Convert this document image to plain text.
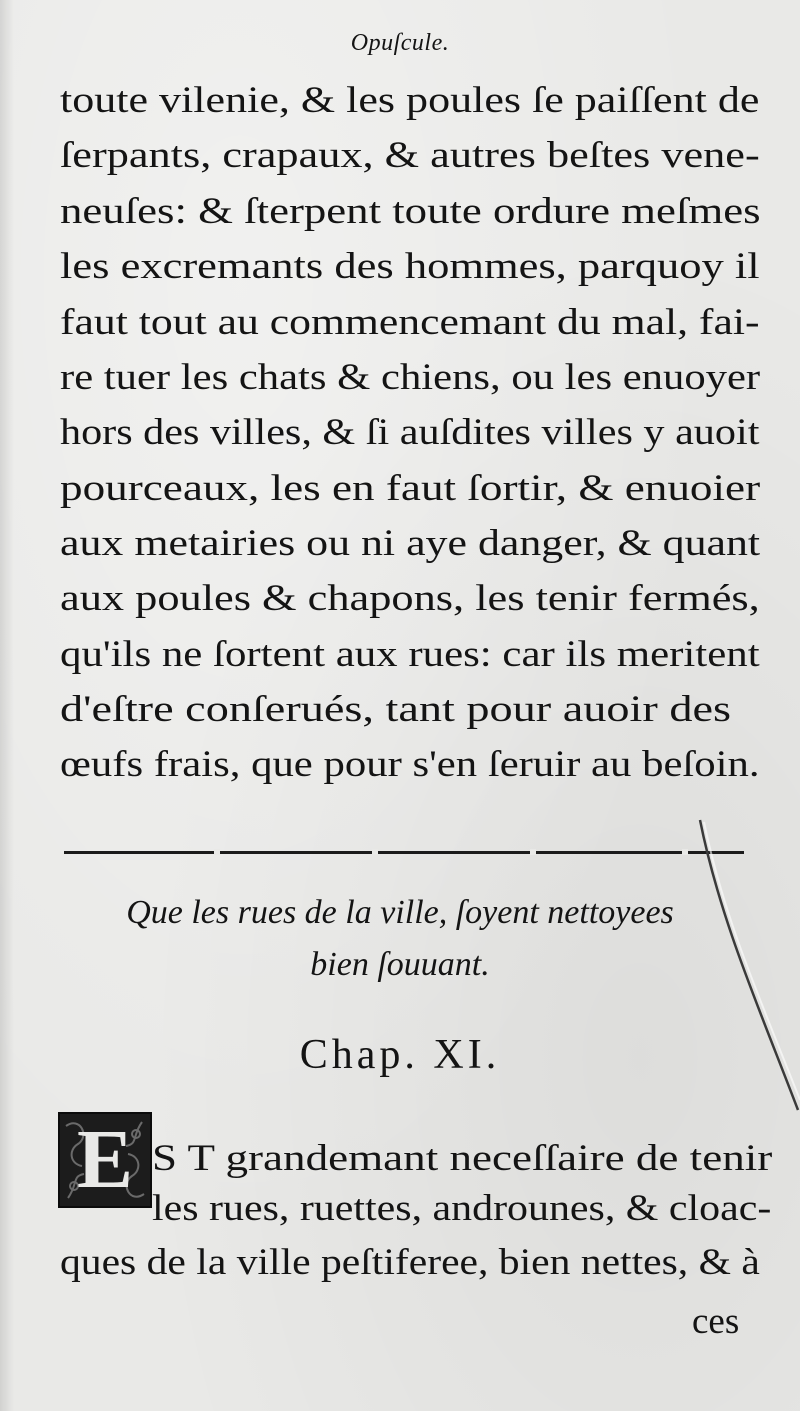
Opuſcule.
toute vilenie, & les poules ſe paiſſent de
ſerpants, crapaux, & autres beſtes vene-
neuſes: & ſterpent toute ordure meſmes
les excremants des hommes, parquoy il
faut tout au commencemant du mal, fai-
re tuer les chats & chiens, ou les enuoyer
hors des villes, & ſi auſdites villes y auoit
pourceaux, les en faut ſortir, & enuoier
aux metairies ou ni aye danger, & quant
aux poules & chapons, les tenir fermés,
qu'ils ne ſortent aux rues: car ils meritent
d'eſtre conſerués, tant pour auoir des
œufs frais, que pour s'en ſeruir au beſoin.
Que les rues de la ville, ſoyent nettoyees
bien ſouuant.
Chap. XI.
E S T grandemant neceſſaire de tenir
les rues, ruettes, androunes, & cloac-
ques de la ville peſtiferee, bien nettes, & à
ces
